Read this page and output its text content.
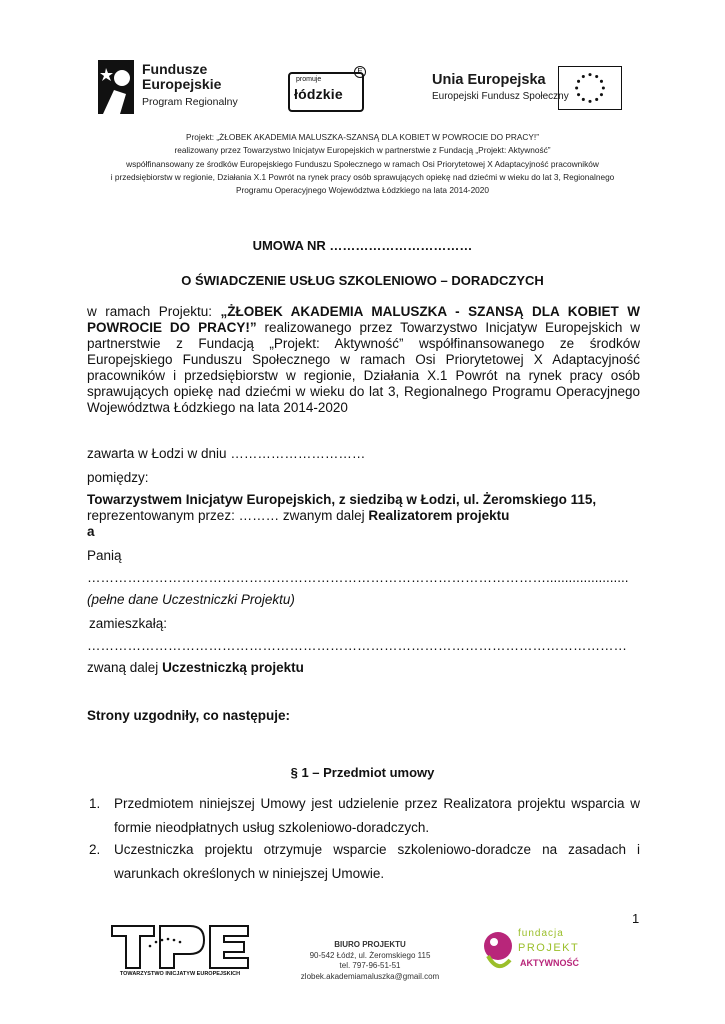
Fundusze
Europejskie
Program Regionalny
promuje
łódzkie
E
Unia Europejska
Europejski Fundusz Społeczny
Projekt: „ŻŁOBEK AKADEMIA MALUSZKA-SZANSĄ DLA KOBIET W POWROCIE DO PRACY!”
realizowany przez Towarzystwo Inicjatyw Europejskich w partnerstwie z Fundacją „Projekt: Aktywność”
współfinansowany ze środków Europejskiego Funduszu Społecznego w ramach Osi Priorytetowej X Adaptacyjność pracowników
i przedsiębiorstw w regionie, Działania X.1 Powrót na rynek pracy osób sprawujących opiekę nad dziećmi w wieku do lat 3, Regionalnego
Programu Operacyjnego Województwa Łódzkiego na lata 2014-2020
UMOWA NR ……………………………
O ŚWIADCZENIE USŁUG SZKOLENIOWO – DORADCZYCH
w ramach Projektu: „ŻŁOBEK AKADEMIA MALUSZKA - SZANSĄ DLA KOBIET W POWROCIE DO PRACY!” realizowanego przez Towarzystwo Inicjatyw Europejskich w partnerstwie z Fundacją „Projekt: Aktywność” współfinansowanego ze środków Europejskiego Funduszu Społecznego w ramach Osi Priorytetowej X Adaptacyjność pracowników i przedsiębiorstw w regionie, Działania X.1 Powrót na rynek pracy osób sprawujących opiekę nad dziećmi w wieku do lat 3, Regionalnego Programu Operacyjnego Województwa Łódzkiego na lata 2014-2020
zawarta w Łodzi w dniu …………………………
pomiędzy:
Towarzystwem Inicjatyw Europejskich, z siedzibą w Łodzi, ul. Żeromskiego 115,
reprezentowanym przez: ……… zwanym dalej Realizatorem projektu
a
Panią
…………………………………………………………………………………………......................
(pełne dane Uczestniczki Projektu)
zamieszkałą:
…………………………………………………………………………………………………………
zwaną dalej Uczestniczką projektu
Strony uzgodniły, co następuje:
§ 1 – Przedmiot umowy
1. Przedmiotem niniejszej Umowy jest udzielenie przez Realizatora projektu wsparcia w formie nieodpłatnych usług szkoleniowo-doradczych.
2. Uczestniczka projektu otrzymuje wsparcie szkoleniowo-doradcze na zasadach i warunkach określonych w niniejszej Umowie.
1
TOWARZYSTWO INICJATYW EUROPEJSKICH
BIURO PROJEKTU
90-542 Łódź, ul. Żeromskiego 115
tel. 797-96-51-51
zlobek.akademiamaluszka@gmail.com
fundacja
PROJEKT
AKTYWNOŚĆ
